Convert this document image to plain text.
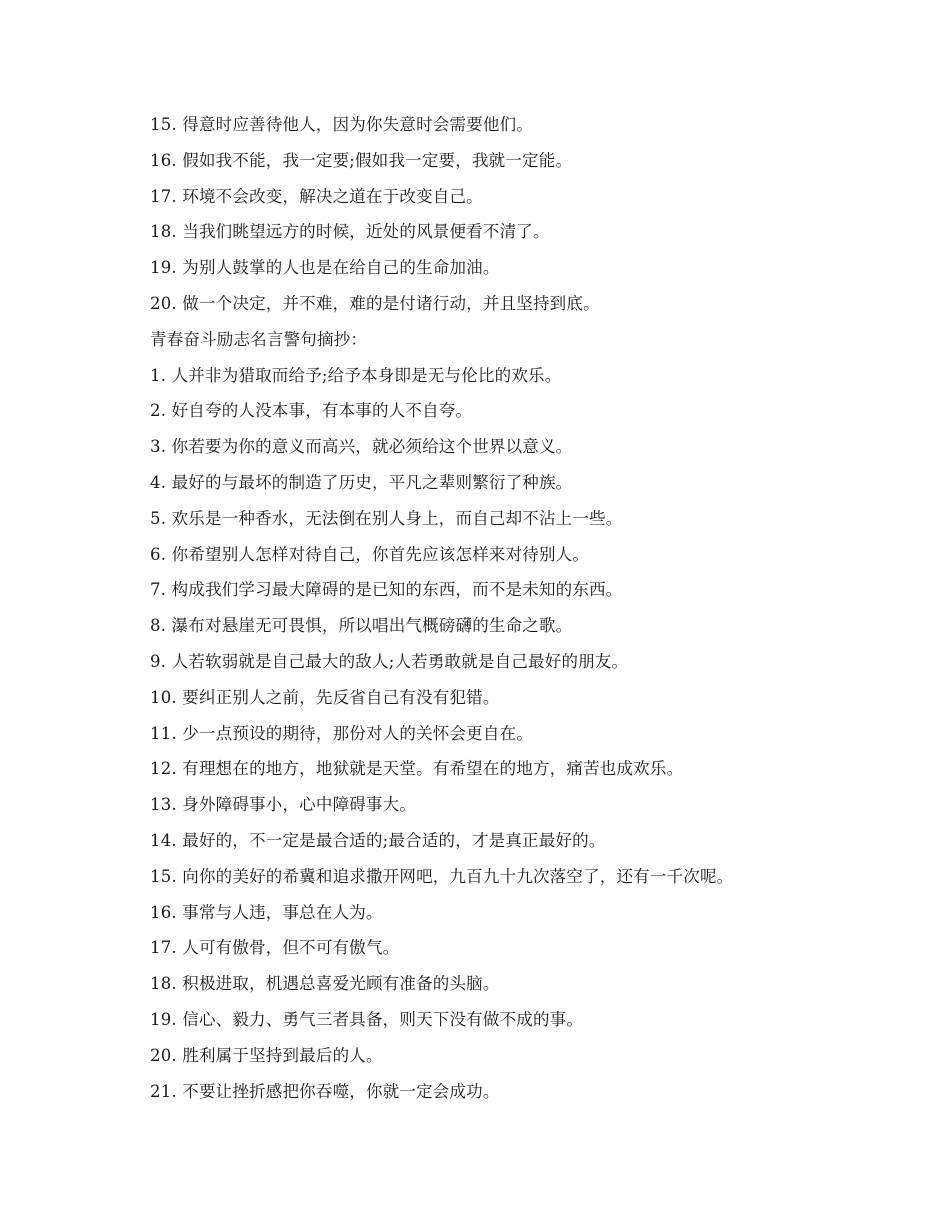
15. 得意时应善待他人，因为你失意时会需要他们。
16. 假如我不能，我一定要;假如我一定要，我就一定能。
17. 环境不会改变，解决之道在于改变自己。
18. 当我们眺望远方的时候，近处的风景便看不清了。
19. 为别人鼓掌的人也是在给自己的生命加油。
20. 做一个决定，并不难，难的是付诸行动，并且坚持到底。
青春奋斗励志名言警句摘抄：
1. 人并非为猎取而给予;给予本身即是无与伦比的欢乐。
2. 好自夸的人没本事，有本事的人不自夸。
3. 你若要为你的意义而高兴，就必须给这个世界以意义。
4. 最好的与最坏的制造了历史，平凡之辈则繁衍了种族。
5. 欢乐是一种香水，无法倒在别人身上，而自己却不沾上一些。
6. 你希望别人怎样对待自己，你首先应该怎样来对待别人。
7. 构成我们学习最大障碍的是已知的东西，而不是未知的东西。
8. 瀑布对悬崖无可畏惧，所以唱出气概磅礴的生命之歌。
9. 人若软弱就是自己最大的敌人;人若勇敢就是自己最好的朋友。
10. 要纠正别人之前，先反省自己有没有犯错。
11. 少一点预设的期待，那份对人的关怀会更自在。
12. 有理想在的地方，地狱就是天堂。有希望在的地方，痛苦也成欢乐。
13. 身外障碍事小，心中障碍事大。
14. 最好的，不一定是最合适的;最合适的，才是真正最好的。
15. 向你的美好的希冀和追求撒开网吧，九百九十九次落空了，还有一千次呢。
16. 事常与人违，事总在人为。
17. 人可有傲骨，但不可有傲气。
18. 积极进取，机遇总喜爱光顾有准备的头脑。
19. 信心、毅力、勇气三者具备，则天下没有做不成的事。
20. 胜利属于坚持到最后的人。
21. 不要让挫折感把你吞噬，你就一定会成功。
